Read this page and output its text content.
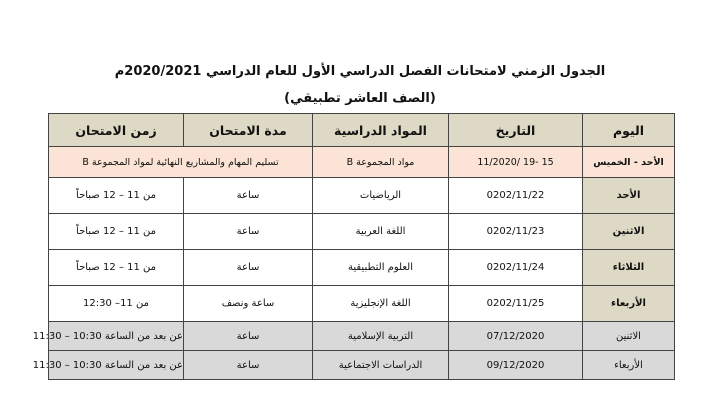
الجدول الزمني لامتحانات الفصل الدراسي الأول للعام الدراسي 2020/2021م
(الصف العاشر تطبيقي)
اليوم	التاريخ	المواد الدراسية	مدة الامتحان	زمن الامتحان
الأحد - الخميس	15 -19 /11/2020	مواد المجموعة B	تسليم المهام والمشاريع النهائية لمواد المجموعة B	
الأحد	0202/11/22	الرياضيات	ساعة	من 11 – 12 صباحاً
الاثنين	0202/11/23	اللغة العربية	ساعة	من 11 – 12 صباحاً
الثلاثاء	0202/11/24	العلوم التطبيقية	ساعة	من 11 – 12 صباحاً
الأربعاء	0202/11/25	اللغة الإنجليزية	ساعة ونصف	من 11– 12:30
الاثنين	07/12/2020	التربية الإسلامية	ساعة	عن بعد من الساعة 10:30 – 11:30
الأربعاء	09/12/2020	الدراسات الاجتماعية	ساعة	عن بعد من الساعة 10:30 – 11:30
